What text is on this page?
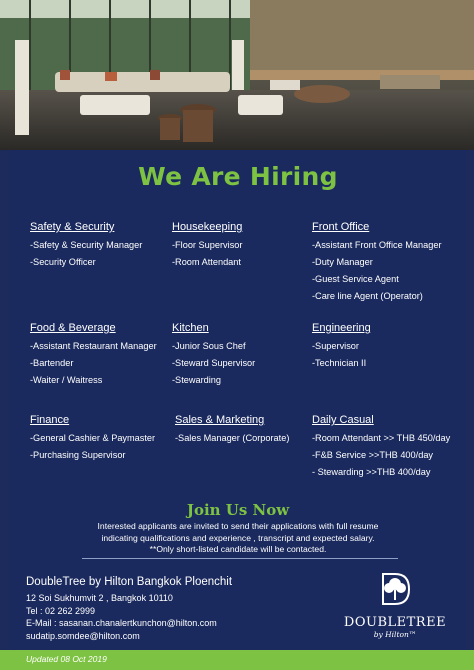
We Are Hiring
Safety & Security
-Safety & Security Manager
-Security Officer
Housekeeping
-Floor Supervisor
-Room Attendant
Front Office
-Assistant Front Office Manager
-Duty Manager
-Guest Service Agent
-Care line Agent (Operator)
Food & Beverage
-Assistant Restaurant Manager
-Bartender
-Waiter / Waitress
Kitchen
-Junior Sous Chef
-Steward Supervisor
-Stewarding
Engineering
-Supervisor
-Technician II
Finance
-General Cashier & Paymaster
-Purchasing Supervisor
Sales & Marketing
-Sales Manager (Corporate)
Daily Casual
-Room Attendant >> THB 450/day
-F&B Service >>THB 400/day
- Stewarding >>THB 400/day
Join Us Now
Interested applicants are invited to send their applications with full resume
indicating qualifications and experience , transcript and expected salary.
**Only short-listed candidate will be contacted.
DoubleTree by Hilton Bangkok Ploenchit
12 Soi Sukhumvit 2 , Bangkok 10110
Tel : 02 262 2999
E-Mail : sasanan.chanalertkunchon@hilton.com
sudatip.somdee@hilton.com
DOUBLETREE
by Hilton™
Updated 08 Oct 2019
